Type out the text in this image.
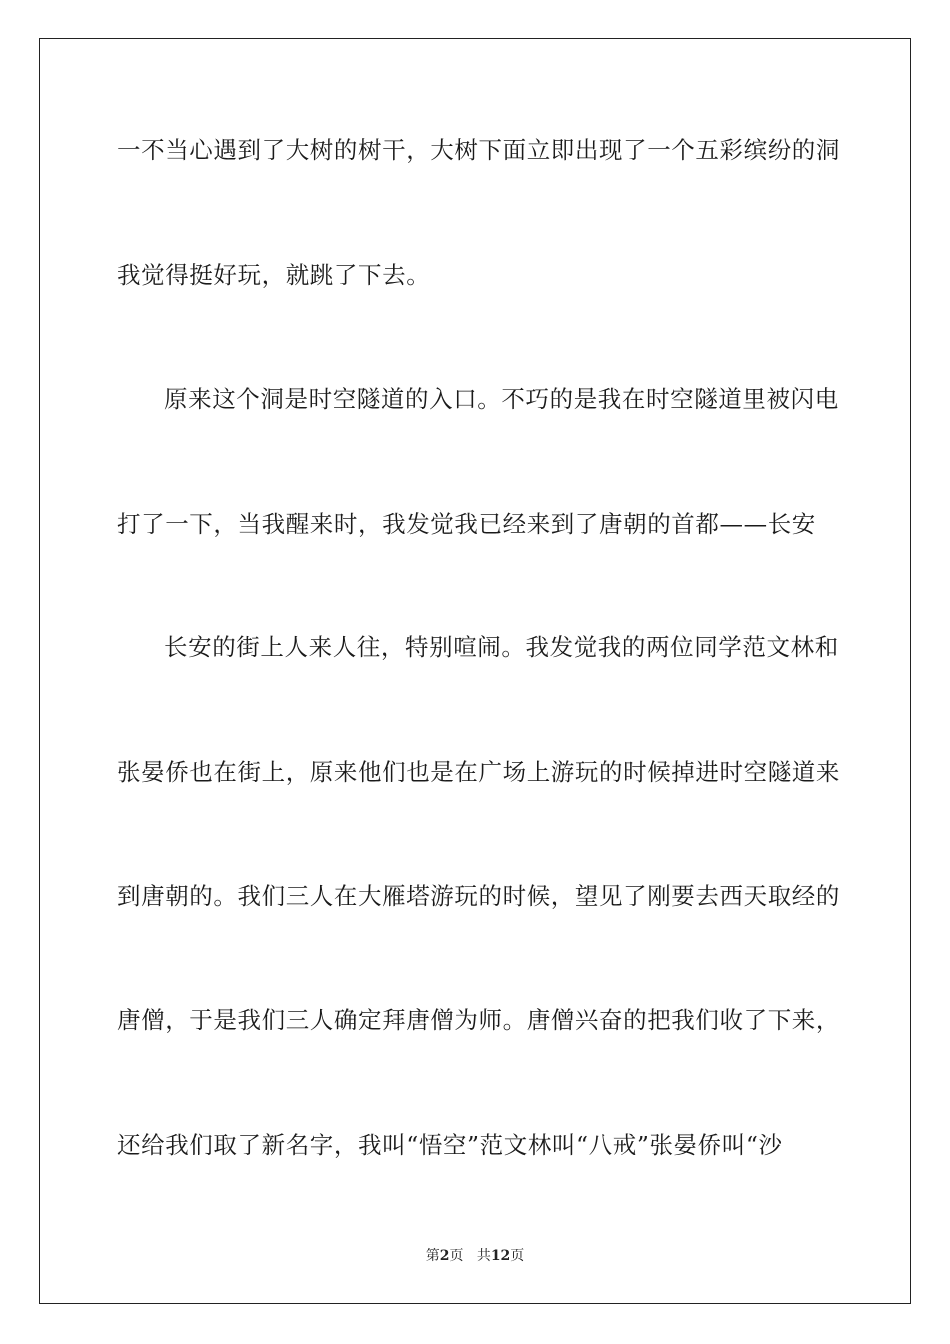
一不当心遇到了大树的树干，大树下面立即出现了一个五彩缤纷的洞
我觉得挺好玩，就跳了下去。
原来这个洞是时空隧道的入口。不巧的是我在时空隧道里被闪电
打了一下，当我醒来时，我发觉我已经来到了唐朝的首都——长安
长安的街上人来人往，特别喧闹。我发觉我的两位同学范文林和
张晏侨也在街上，原来他们也是在广场上游玩的时候掉进时空隧道来
到唐朝的。我们三人在大雁塔游玩的时候，望见了刚要去西天取经的
唐僧，于是我们三人确定拜唐僧为师。唐僧兴奋的把我们收了下来，
还给我们取了新名字，我叫“悟空”范文林叫“八戒”张晏侨叫“沙
第2页 共12页
